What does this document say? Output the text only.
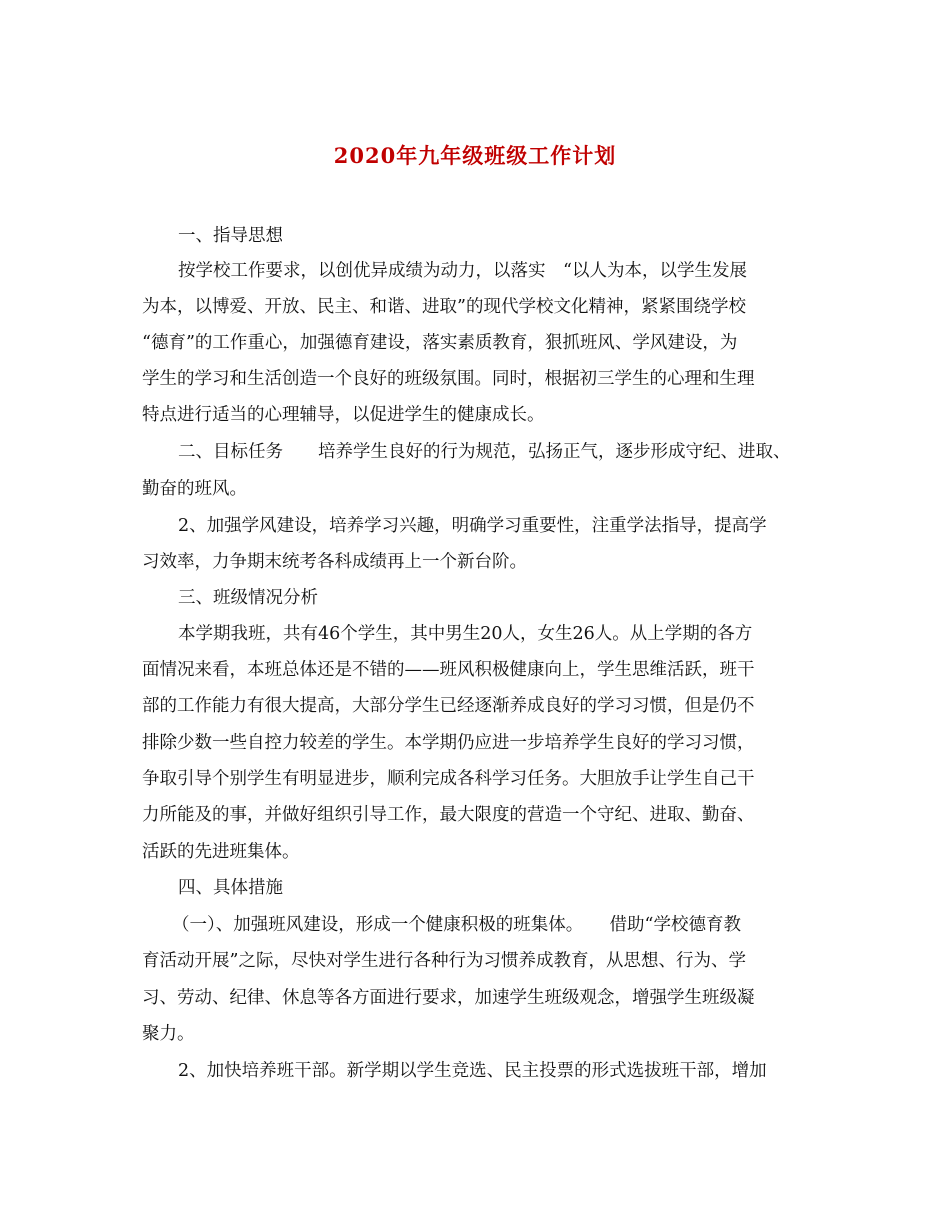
2020年九年级班级工作计划
一、指导思想
按学校工作要求，以创优异成绩为动力，以落实　“以人为本，以学生发展
为本，以博爱、开放、民主、和谐、进取”的现代学校文化精神，紧紧围绕学校
“德育”的工作重心，加强德育建设，落实素质教育，狠抓班风、学风建设，为
学生的学习和生活创造一个良好的班级氛围。同时，根据初三学生的心理和生理
特点进行适当的心理辅导，以促进学生的健康成长。
二、目标任务　　培养学生良好的行为规范，弘扬正气，逐步形成守纪、进取、
勤奋的班风。
2、加强学风建设，培养学习兴趣，明确学习重要性，注重学法指导，提高学
习效率，力争期末统考各科成绩再上一个新台阶。
三、班级情况分析
本学期我班，共有46个学生，其中男生20人，女生26人。从上学期的各方
面情况来看，本班总体还是不错的——班风积极健康向上，学生思维活跃，班干
部的工作能力有很大提高，大部分学生已经逐渐养成良好的学习习惯，但是仍不
排除少数一些自控力较差的学生。本学期仍应进一步培养学生良好的学习习惯，
争取引导个别学生有明显进步，顺利完成各科学习任务。大胆放手让学生自己干
力所能及的事，并做好组织引导工作，最大限度的营造一个守纪、进取、勤奋、
活跃的先进班集体。
四、具体措施
（一）、加强班风建设，形成一个健康积极的班集体。　　借助“学校德育教
育活动开展”之际，尽快对学生进行各种行为习惯养成教育，从思想、行为、学
习、劳动、纪律、休息等各方面进行要求，加速学生班级观念，增强学生班级凝
聚力。
2、加快培养班干部。新学期以学生竞选、民主投票的形式选拔班干部，增加
